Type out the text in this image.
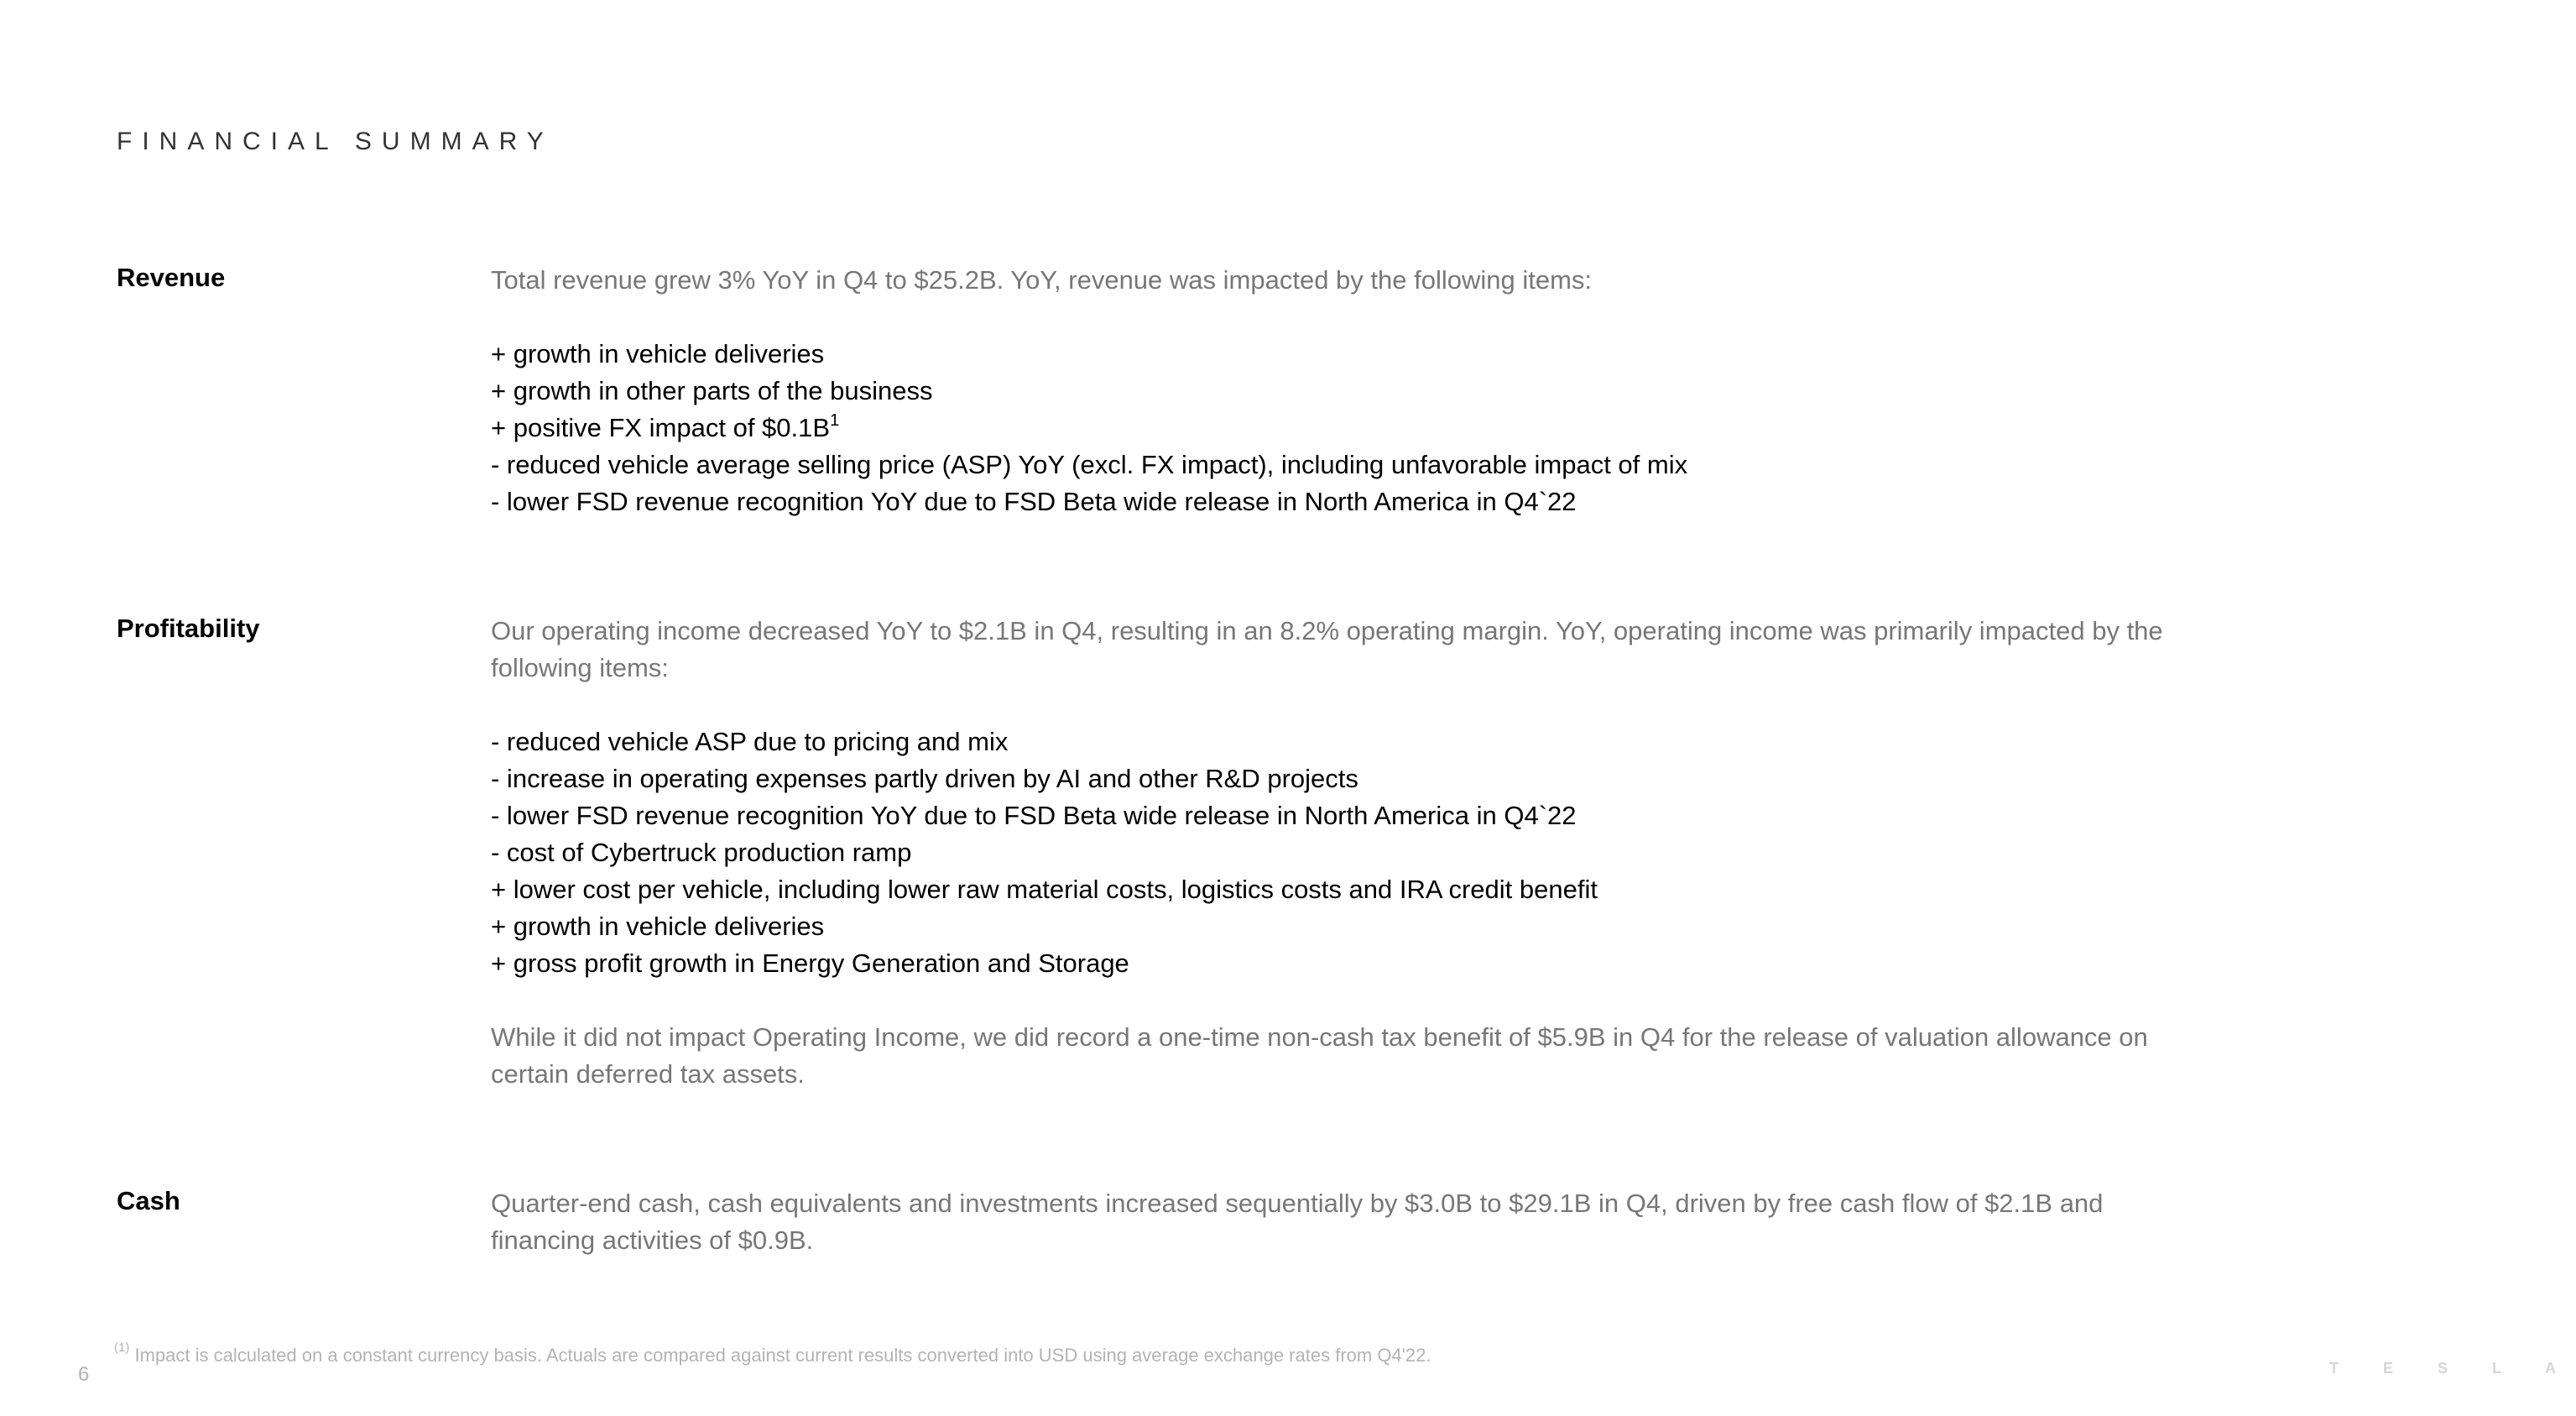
FINANCIAL SUMMARY
Revenue	Total revenue grew 3% YoY in Q4 to $25.2B. YoY, revenue was impacted by the following items:

+ growth in vehicle deliveries
+ growth in other parts of the business
+ positive FX impact of $\$0.1B^1$
- reduced vehicle average selling price (ASP) YoY (excl. FX impact), including unfavorable impact of mix
- lower FSD revenue recognition YoY due to FSD Beta wide release in North America in Q4`22
Profitability	Our operating income decreased YoY to $2.1B in Q4, resulting in an 8.2% operating margin. YoY, operating income was primarily impacted by the following items:

- reduced vehicle ASP due to pricing and mix
- increase in operating expenses partly driven by AI and other R&D projects
- lower FSD revenue recognition YoY due to FSD Beta wide release in North America in Q4`22
- cost of Cybertruck production ramp
+ lower cost per vehicle, including lower raw material costs, logistics costs and IRA credit benefit
+ growth in vehicle deliveries
+ gross profit growth in Energy Generation and Storage

While it did not impact Operating Income, we did record a one-time non-cash tax benefit of $5.9B in Q4 for the release of valuation allowance on certain deferred tax assets.

Cash	Quarter-end cash, cash equivalents and investments increased sequentially by $3.0B to $29.1B in Q4, driven by free cash flow of $2.1B and financing activities of $0.9B.

$^{(1)}$ Impact is calculated on a constant currency basis. Actuals are compared against current results converted into USD using average exchange rates from Q4'22.

6	T E S L A
